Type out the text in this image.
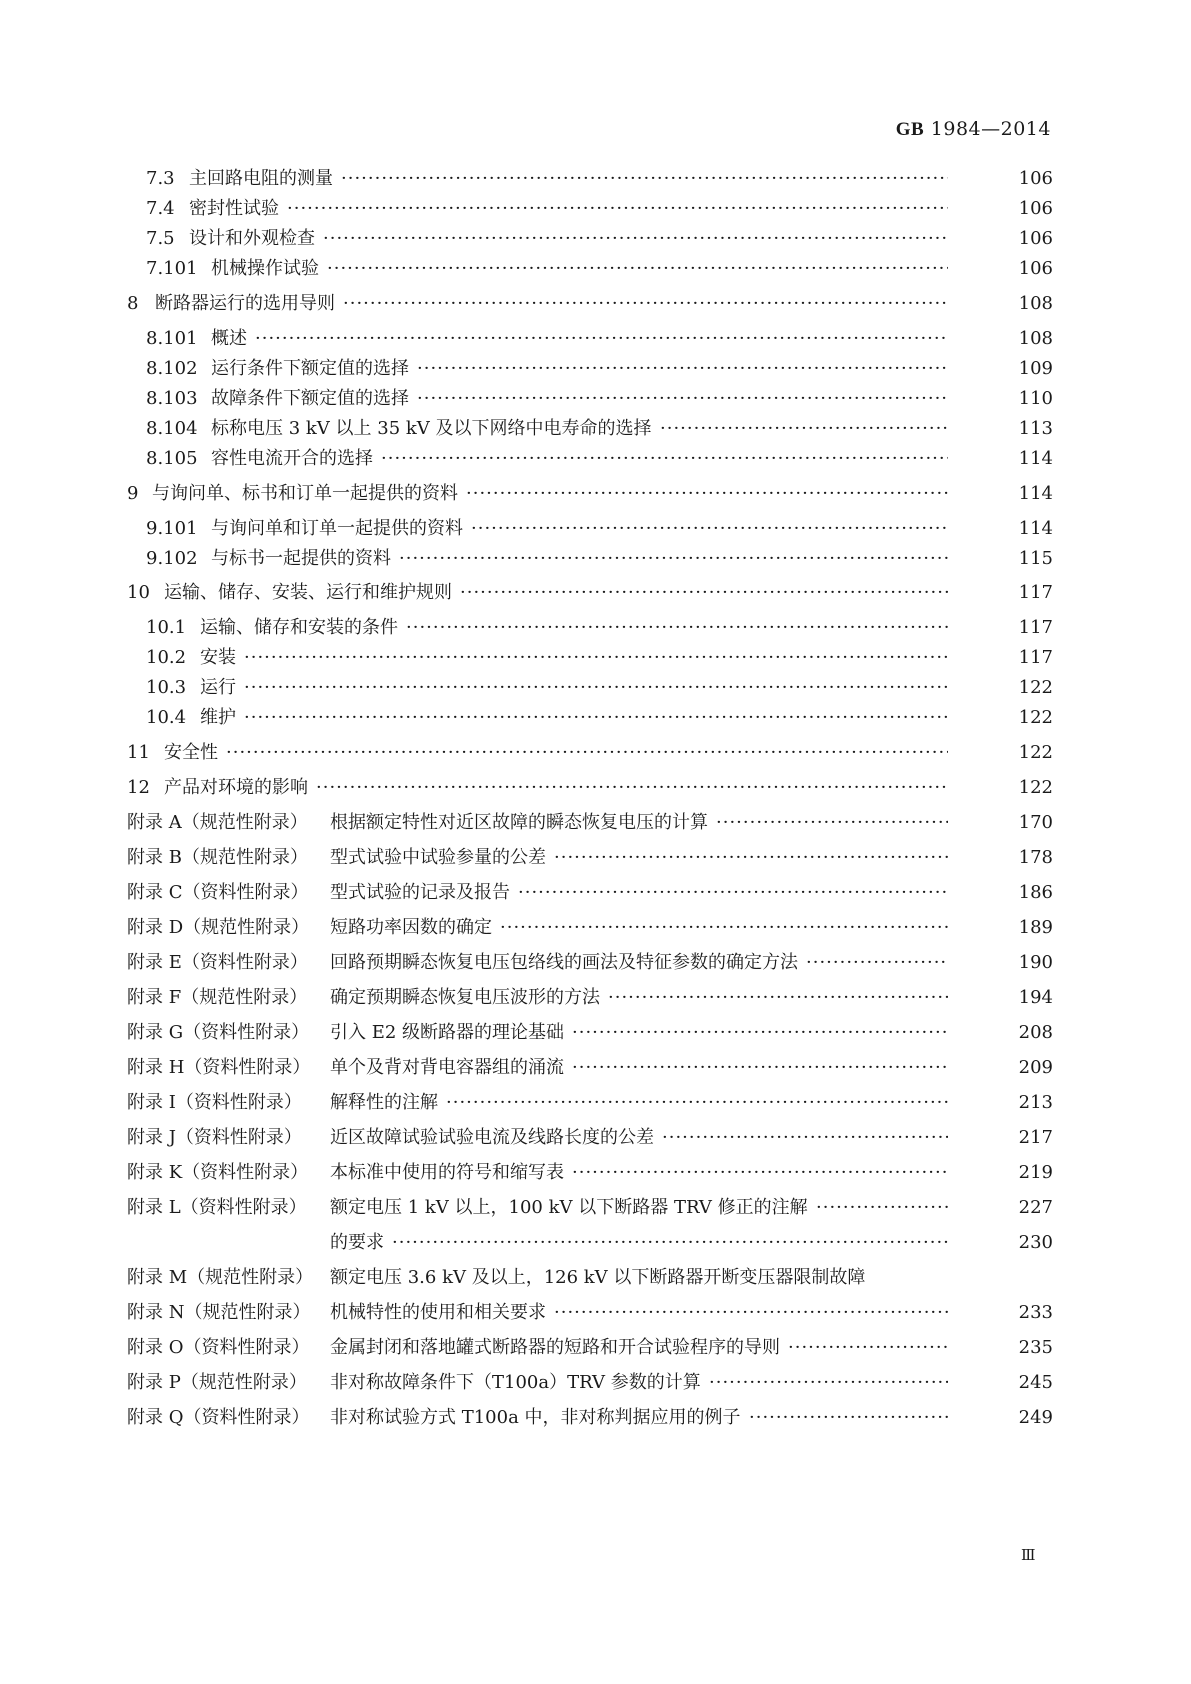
GB 1984—2014
7.3 主回路电阻的测量	106
·····
7.4 密封性试验	106
·····
7.5 设计和外观检查	106
·····
7.101 机械操作试验	106
·····
8 断路器运行的选用导则	108
·····
8.101 概述	108
·····
8.102 运行条件下额定值的选择	109
·····
8.103 故障条件下额定值的选择	110
·····
8.104 标称电压 3 kV 以上 35 kV 及以下网络中电寿命的选择	113
·····
8.105 容性电流开合的选择	114
·····
9 与询问单、标书和订单一起提供的资料	114
·····
9.101 与询问单和订单一起提供的资料	114
·····
9.102 与标书一起提供的资料	115
·····
10 运输、储存、安装、运行和维护规则	117
·····
10.1 运输、储存和安装的条件	117
·····
10.2 安装	117
·····
10.3 运行	122
·····
10.4 维护	122
·····
11 安全性	122
·····
12 产品对环境的影响	122
·····
附录 A（规范性附录） 根据额定特性对近区故障的瞬态恢复电压的计算	170
·····
附录 B（规范性附录） 型式试验中试验参量的公差	178
·····
附录 C（资料性附录） 型式试验的记录及报告	186
·····
附录 D（规范性附录） 短路功率因数的确定	189
·····
附录 E（资料性附录） 回路预期瞬态恢复电压包络线的画法及特征参数的确定方法	190
·····
附录 F（规范性附录） 确定预期瞬态恢复电压波形的方法	194
·····
附录 G（资料性附录） 引入 E2 级断路器的理论基础	208
·····
附录 H（资料性附录） 单个及背对背电容器组的涌流	209
·····
附录 I（资料性附录） 解释性的注解	213
·····
附录 J（资料性附录） 近区故障试验试验电流及线路长度的公差	217
·····
附录 K（资料性附录） 本标准中使用的符号和缩写表	219
·····
附录 L（资料性附录） 额定电压 1 kV 以上，100 kV 以下断路器 TRV 修正的注解	227
·····
附录 M（规范性附录） 额定电压 3.6 kV 及以上，126 kV 以下断路器开断变压器限制故障
的要求	230
·····
附录 N（规范性附录） 机械特性的使用和相关要求	233
·····
附录 O（资料性附录） 金属封闭和落地罐式断路器的短路和开合试验程序的导则	235
·····
附录 P（规范性附录） 非对称故障条件下（T100a）TRV 参数的计算	245
·····
附录 Q（资料性附录） 非对称试验方式 T100a 中，非对称判据应用的例子	249
·····
Ⅲ
